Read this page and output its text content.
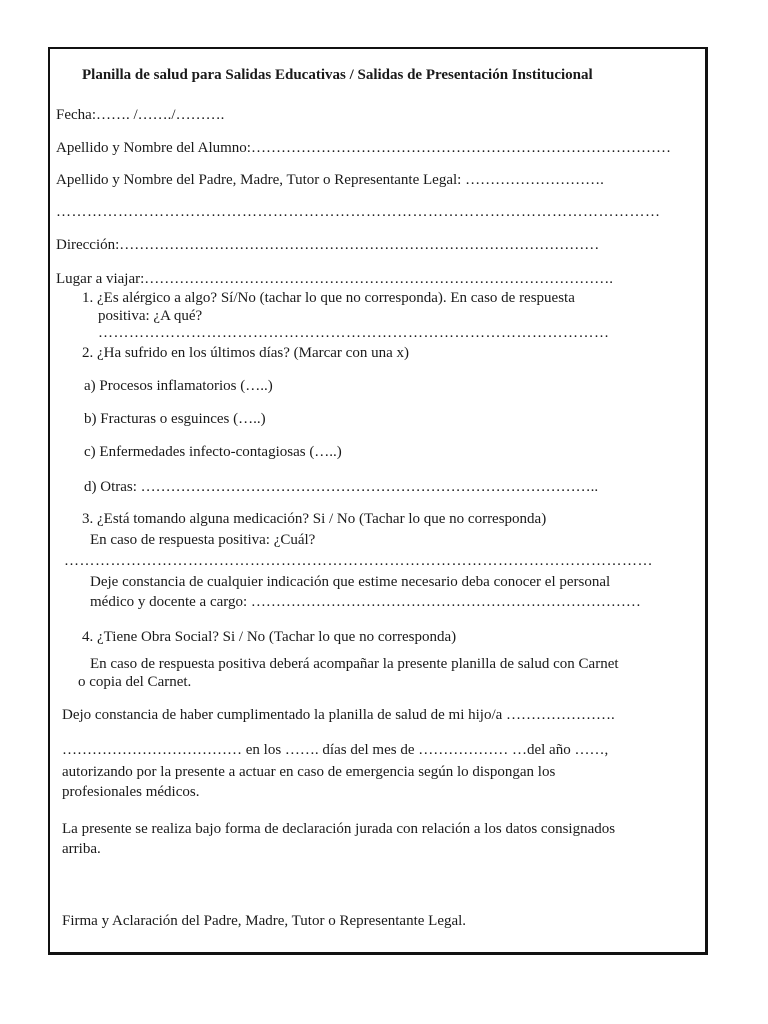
Planilla de salud para Salidas Educativas / Salidas de Presentación Institucional
Fecha:……. /……./……….
Apellido y Nombre del Alumno:…………………………………………………………………………
Apellido y Nombre del Padre, Madre, Tutor o Representante Legal: ……………………….
………………………………………………………………………………………………………
Dirección:……………………………………………………………………………………
Lugar a viajar:………………………………………………………………………………….
1. ¿Es alérgico a algo? Sí/No (tachar lo que no corresponda). En caso de respuesta
positiva: ¿A qué?
………………………………………………………………………………………
2. ¿Ha sufrido en los últimos días? (Marcar con una x)
a) Procesos inflamatorios (…..)
b) Fracturas o esguinces (…..)
c) Enfermedades infecto-contagiosas (…..)
d) Otras: ………………………………………………………………………………..
3. ¿Está tomando alguna medicación? Si / No (Tachar lo que no corresponda)
En caso de respuesta positiva: ¿Cuál?
……………………………………………………………………………………………………
Deje constancia de cualquier indicación que estime necesario deba conocer el personal
médico y docente a cargo: ……………………………………………………………………
4. ¿Tiene Obra Social? Si / No (Tachar lo que no corresponda)
En caso de respuesta positiva deberá acompañar la presente planilla de salud con Carnet
o copia del Carnet.
Dejo constancia de haber cumplimentado la planilla de salud de mi hijo/a ………………….
……………………………… en los ……. días del mes de ……………… …del año ……,
autorizando por la presente a actuar en caso de emergencia según lo dispongan los
profesionales médicos.
La presente se realiza bajo forma de declaración jurada con relación a los datos consignados
arriba.
Firma y Aclaración del Padre, Madre, Tutor o Representante Legal.
